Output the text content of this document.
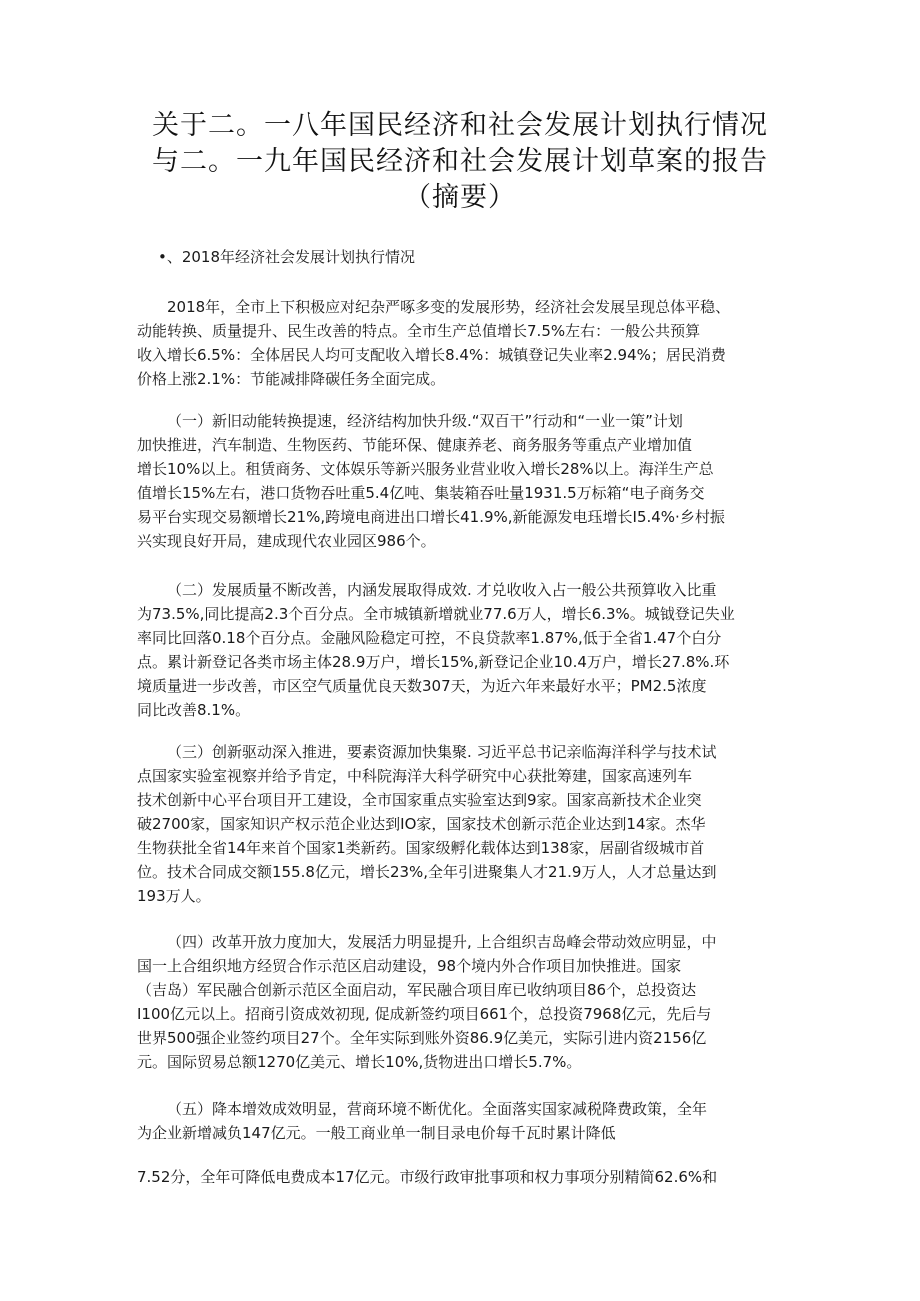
关于二。一八年国民经济和社会发展计划执行情况
与二。一九年国民经济和社会发展计划草案的报告
（摘要）
•、2018年经济社会发展计划执行情况

2018年，全市上下积极应对纪杂严啄多变的发展形势，经济社会发展呈现总体平稳、

动能转换、质量提升、民生改善的特点。全市生产总值增长7.5%左右：一般公共预算

收入增长6.5%：全体居民人均可支配收入增长8.4%：城镇登记失业率2.94%；居民消费

价格上涨2.1%：节能减排降碳任务全面完成。

（一）新旧动能转换提速，经济结构加快升级.“双百干”行动和“一业一策”计划

加快推进，汽车制造、生物医药、节能环保、健康养老、商务服务等重点产业增加值

增长10%以上。租赁商务、文体娱乐等新兴服务业营业收入增长28%以上。海洋生产总

值增长15%左右，港口货物吞吐重5.4亿吨、集装箱吞吐量1931.5万标箱“电子商务交

易平台实现交易额增长21%,跨境电商进出口增长41.9%,新能源发电珏增长I5.4%·乡村振

兴实现良好开局，建成现代农业园区986个。

（二）发展质量不断改善，内涵发展取得成效. 才兑收收入占一般公共预算收入比重

为73.5%,同比提高2.3个百分点。全市城镇新增就业77.6万人，增长6.3%。城钺登记失业

率同比回落0.18个百分点。金融风险稳定可控，不良贷款率1.87%,低于全省1.47个白分

点。累计新登记各类市场主体28.9万户，增长15%,新登记企业10.4万户，增长27.8%.环

境质量进一步改善，市区空气质量优良天数307天，为近六年来最好水平；PM2.5浓度

同比改善8.1%。

（三）创新驱动深入推进，要素资源加快集聚. 习近平总书记亲临海洋科学与技术试

点国家实验室视察并给予肯定，中科院海洋大科学研究中心获批筹建，国家高速列车

技术创新中心平台项目开工建设，全市国家重点实验室达到9家。国家高新技术企业突

破2700家，国家知识产权示范企业达到IO家，国家技术创新示范企业达到14家。杰华

生物获批全省14年来首个国家1类新药。国家级孵化载体达到138家，居副省级城市首

位。技术合同成交额155.8亿元，增长23%,全年引进聚集人才21.9万人，人才总量达到

193万人。

（四）改革开放力度加大，发展活力明显提升, 上合组织吉岛峰会带动效应明显，中

国一上合组织地方经贸合作示范区启动建设，98个境内外合作项目加快推进。国家

（吉岛）军民融合创新示范区全面启动，军民融合项目库已收纳项目86个，总投资达

I100亿元以上。招商引资成效初现, 促成新签约项目661个，总投资7968亿元，先后与

世界500强企业签约项目27个。全年实际到账外资86.9亿美元，实际引进内资2156亿

元。国际贸易总额1270亿美元、增长10%,货物进出口增长5.7%。

（五）降本增效成效明显，营商环境不断优化。全面落实国家减税降费政策，全年

为企业新增减负147亿元。一般工商业单一制目录电价每千瓦时累计降低

7.52分，全年可降低电费成本17亿元。市级行政审批事项和权力事项分别精简62.6%和
